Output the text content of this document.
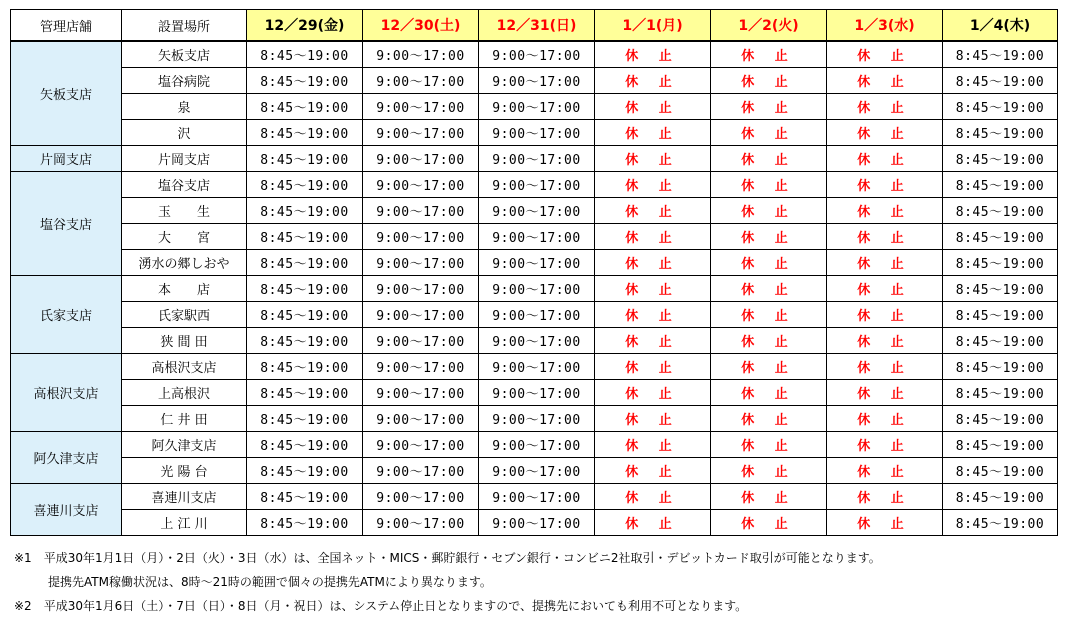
管理店舗	設置場所	12／29(金)	12／30(土)	12／31(日)	1／1(月)	1／2(火)	1／3(水)	1／4(木)
矢板支店	矢板支店	8:45～19:00	9:00～17:00	9:00～17:00	休 止	休 止	休 止	8:45～19:00
	塩谷病院	8:45～19:00	9:00～17:00	9:00～17:00	休 止	休 止	休 止	8:45～19:00
	泉	8:45～19:00	9:00～17:00	9:00～17:00	休 止	休 止	休 止	8:45～19:00
	沢	8:45～19:00	9:00～17:00	9:00～17:00	休 止	休 止	休 止	8:45～19:00
片岡支店	片岡支店	8:45～19:00	9:00～17:00	9:00～17:00	休 止	休 止	休 止	8:45～19:00
塩谷支店	塩谷支店	8:45～19:00	9:00～17:00	9:00～17:00	休 止	休 止	休 止	8:45～19:00
	玉　　生	8:45～19:00	9:00～17:00	9:00～17:00	休 止	休 止	休 止	8:45～19:00
	大　　宮	8:45～19:00	9:00～17:00	9:00～17:00	休 止	休 止	休 止	8:45～19:00
	湧水の郷しおや	8:45～19:00	9:00～17:00	9:00～17:00	休 止	休 止	休 止	8:45～19:00
氏家支店	本　　店	8:45～19:00	9:00～17:00	9:00～17:00	休 止	休 止	休 止	8:45～19:00
	氏家駅西	8:45～19:00	9:00～17:00	9:00～17:00	休 止	休 止	休 止	8:45～19:00
	狭 間 田	8:45～19:00	9:00～17:00	9:00～17:00	休 止	休 止	休 止	8:45～19:00
高根沢支店	高根沢支店	8:45～19:00	9:00～17:00	9:00～17:00	休 止	休 止	休 止	8:45～19:00
	上高根沢	8:45～19:00	9:00～17:00	9:00～17:00	休 止	休 止	休 止	8:45～19:00
	仁 井 田	8:45～19:00	9:00～17:00	9:00～17:00	休 止	休 止	休 止	8:45～19:00
阿久津支店	阿久津支店	8:45～19:00	9:00～17:00	9:00～17:00	休 止	休 止	休 止	8:45～19:00
	光 陽 台	8:45～19:00	9:00～17:00	9:00～17:00	休 止	休 止	休 止	8:45～19:00
喜連川支店	喜連川支店	8:45～19:00	9:00～17:00	9:00～17:00	休 止	休 止	休 止	8:45～19:00
	上 江 川	8:45～19:00	9:00～17:00	9:00～17:00	休 止	休 止	休 止	8:45～19:00
※1　平成30年1月1日（月）・2日（火）・3日（水）は、全国ネット・MICS・郵貯銀行・セブン銀行・コンビニ2社取引・デビットカード取引が可能となります。
提携先ATM稼働状況は、8時～21時の範囲で個々の提携先ATMにより異なります。
※2　平成30年1月6日（土）・7日（日）・8日（月・祝日）は、システム停止日となりますので、提携先においても利用不可となります。
